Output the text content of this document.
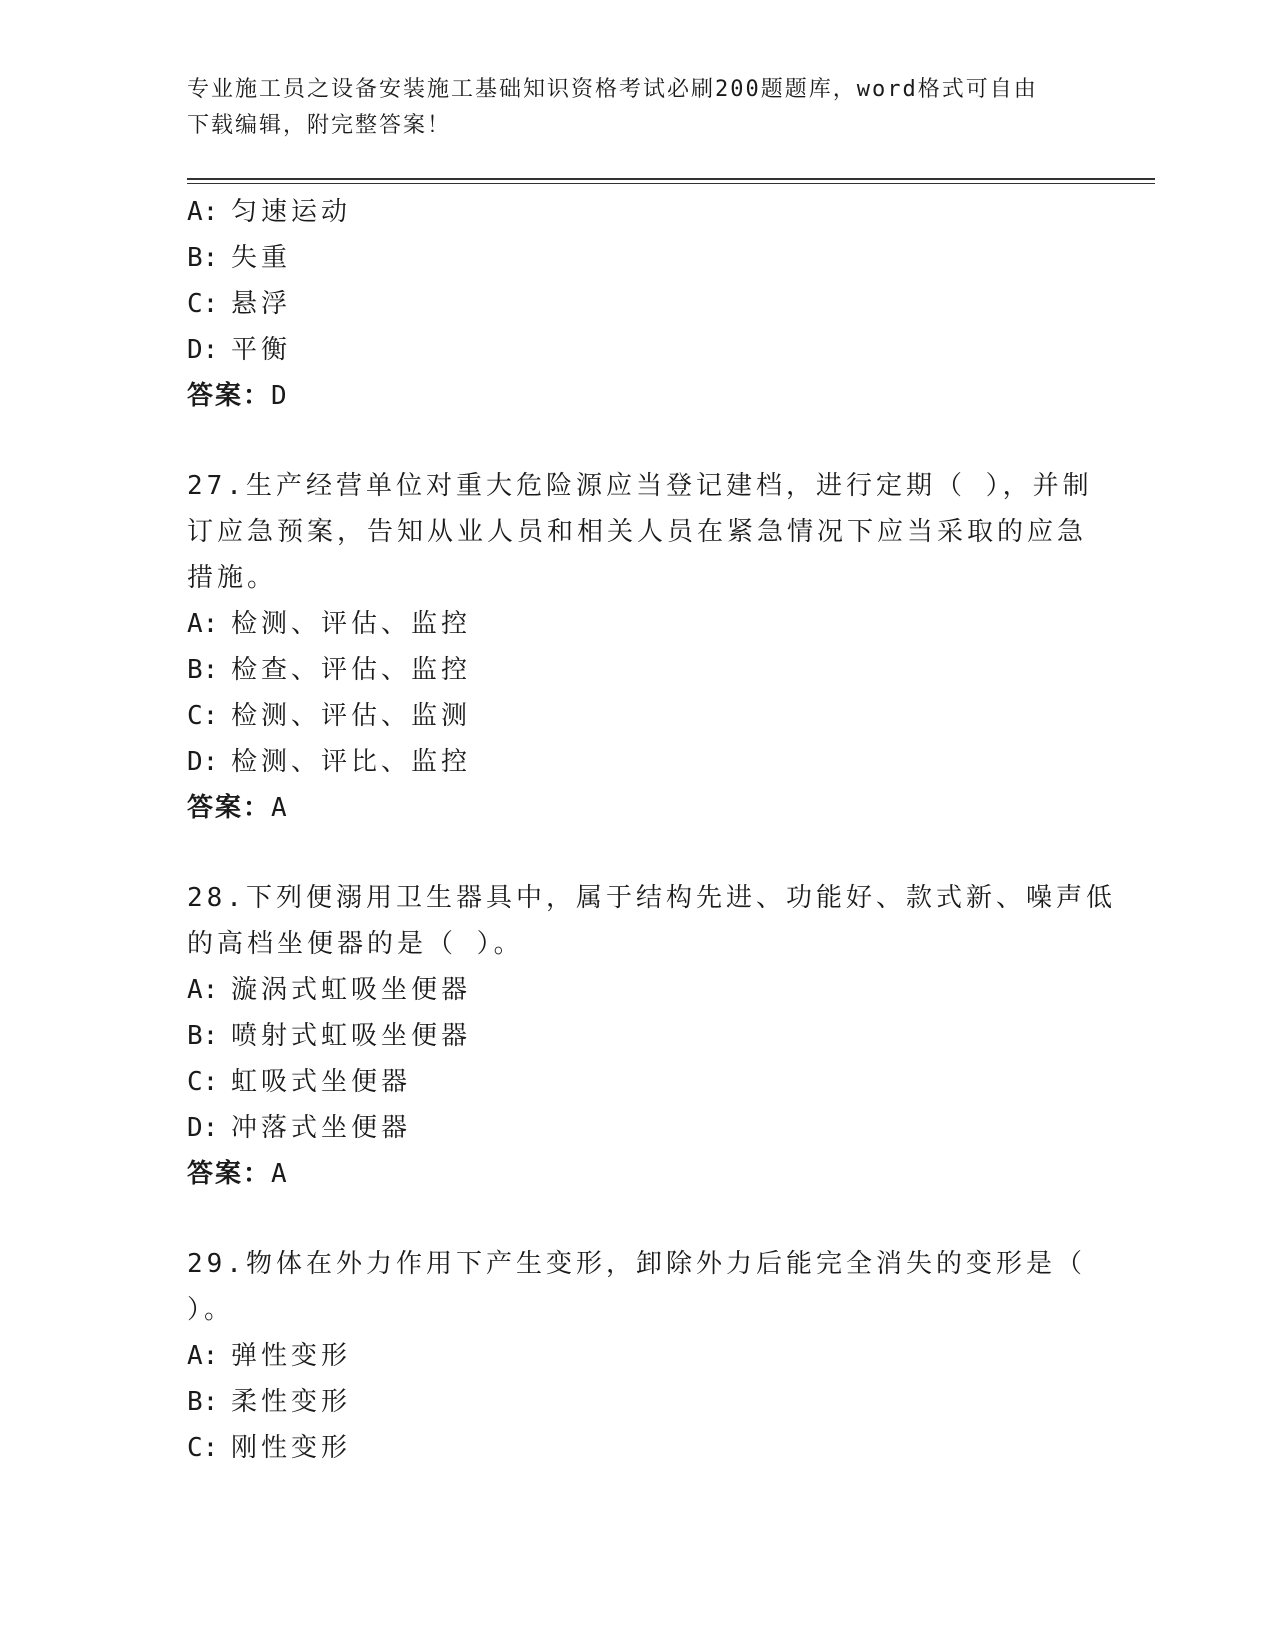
专业施工员之设备安装施工基础知识资格考试必刷200题题库，word格式可自由
下载编辑，附完整答案！
A: 匀速运动
B: 失重
C: 悬浮
D: 平衡
答案：D
27.生产经营单位对重大危险源应当登记建档，进行定期（ ），并制
订应急预案，告知从业人员和相关人员在紧急情况下应当采取的应急
措施。
A: 检测、评估、监控
B: 检查、评估、监控
C: 检测、评估、监测
D: 检测、评比、监控
答案：A
28.下列便溺用卫生器具中，属于结构先进、功能好、款式新、噪声低
的高档坐便器的是（ ）。
A: 漩涡式虹吸坐便器
B: 喷射式虹吸坐便器
C: 虹吸式坐便器
D: 冲落式坐便器
答案：A
29.物体在外力作用下产生变形，卸除外力后能完全消失的变形是（
）。
A: 弹性变形
B: 柔性变形
C: 刚性变形
